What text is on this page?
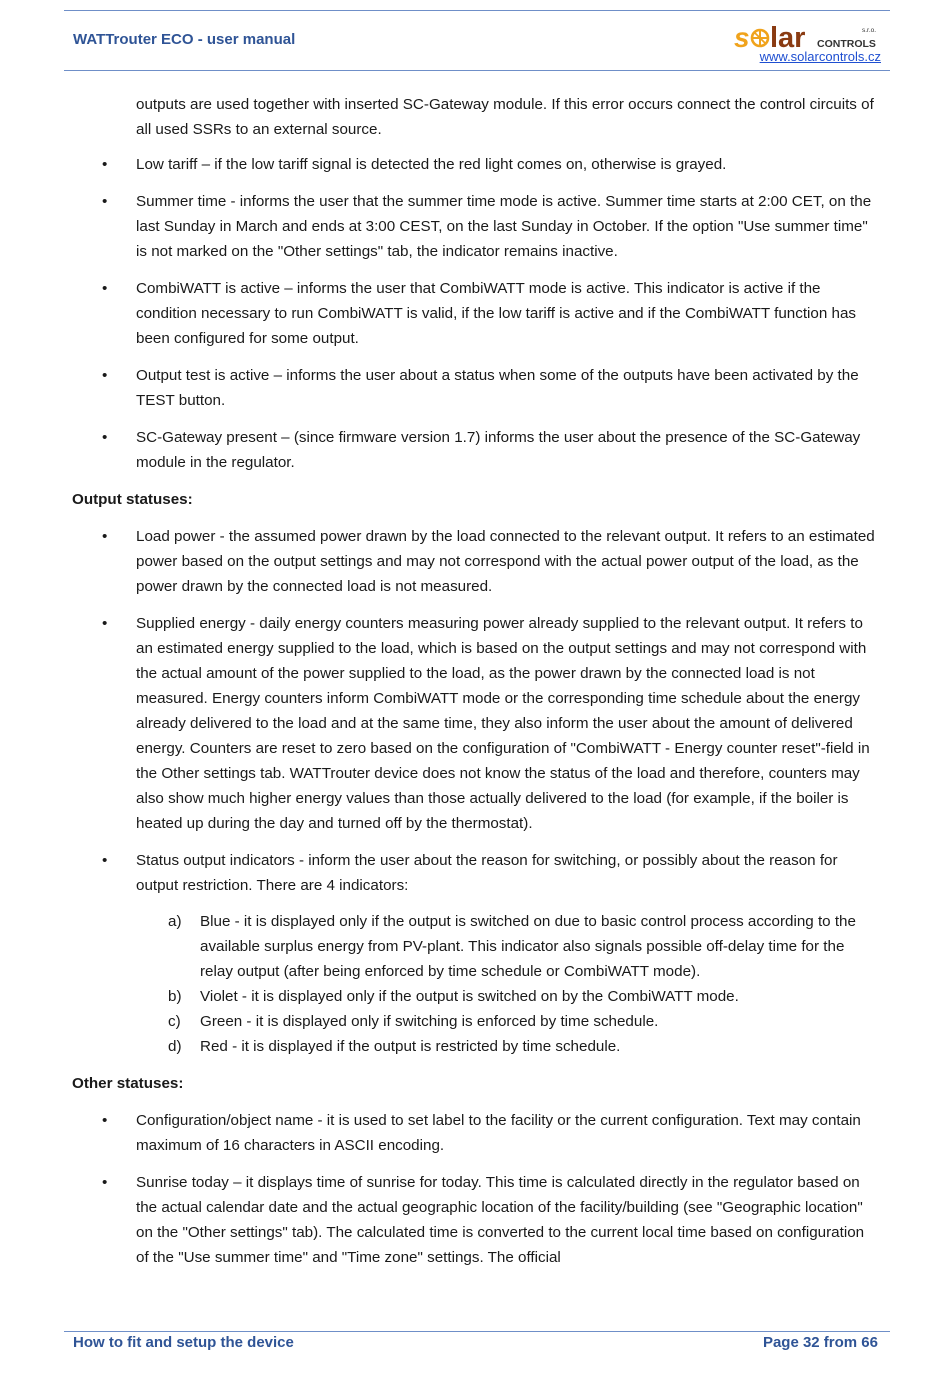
WATTrouter ECO - user manual	s lar CONTROLS
s.r.o.
www.solarcontrols.cz

outputs are used together with inserted SC-Gateway module. If this error occurs connect the control circuits of all used SSRs to an external source.

• Low tariff – if the low tariff signal is detected the red light comes on, otherwise is grayed.
• Summer time - informs the user that the summer time mode is active. Summer time starts at 2:00 CET, on the last Sunday in March and ends at 3:00 CEST, on the last Sunday in October. If the option "Use summer time" is not marked on the "Other settings" tab, the indicator remains inactive.
• CombiWATT is active – informs the user that CombiWATT mode is active. This indicator is active if the condition necessary to run CombiWATT is valid, if the low tariff is active and if the CombiWATT function has been configured for some output.
• Output test is active – informs the user about a status when some of the outputs have been activated by the TEST button.
• SC-Gateway present – (since firmware version 1.7) informs the user about the presence of the SC-Gateway module in the regulator.
Output statuses:
• Load power - the assumed power drawn by the load connected to the relevant output. It refers to an estimated power based on the output settings and may not correspond with the actual power output of the load, as the power drawn by the connected load is not measured.
• Supplied energy - daily energy counters measuring power already supplied to the relevant output. It refers to an estimated energy supplied to the load, which is based on the output settings and may not correspond with the actual amount of the power supplied to the load, as the power drawn by the connected load is not measured. Energy counters inform CombiWATT mode or the corresponding time schedule about the energy already delivered to the load and at the same time, they also inform the user about the amount of delivered energy. Counters are reset to zero based on the configuration of "CombiWATT - Energy counter reset"-field in the Other settings tab. WATTrouter device does not know the status of the load and therefore, counters may also show much higher energy values than those actually delivered to the load (for example, if the boiler is heated up during the day and turned off by the thermostat).
• Status output indicators - inform the user about the reason for switching, or possibly about the reason for output restriction. There are 4 indicators:
a) Blue - it is displayed only if the output is switched on due to basic control process according to the available surplus energy from PV-plant. This indicator also signals possible off-delay time for the relay output (after being enforced by time schedule or CombiWATT mode).
b) Violet - it is displayed only if the output is switched on by the CombiWATT mode.
c) Green - it is displayed only if switching is enforced by time schedule.
d) Red - it is displayed if the output is restricted by time schedule.
Other statuses:
• Configuration/object name - it is used to set label to the facility or the current configuration. Text may contain maximum of 16 characters in ASCII encoding.
• Sunrise today – it displays time of sunrise for today. This time is calculated directly in the regulator based on the actual calendar date and the actual geographic location of the facility/building (see "Geographic location" on the "Other settings" tab). The calculated time is converted to the current local time based on configuration of the "Use summer time" and "Time zone" settings. The official
How to fit and setup the device	Page 32 from 66
